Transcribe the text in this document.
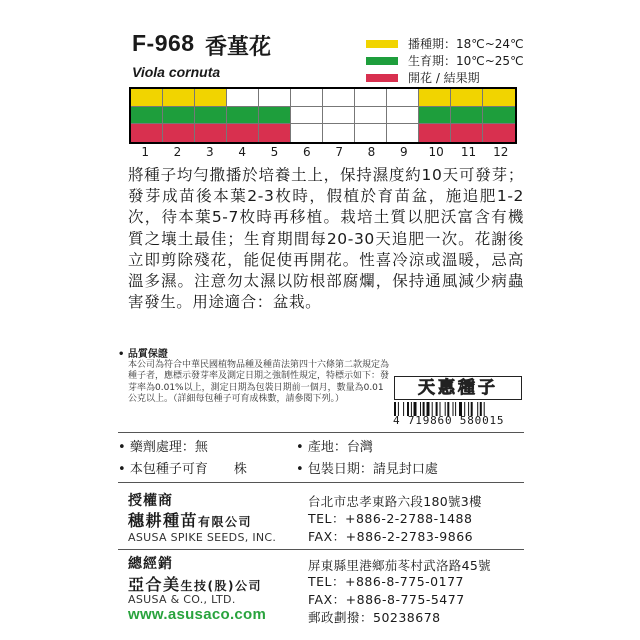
F-968 香堇花
Viola cornuta
播種期：18℃~24℃
生育期：10℃~25℃
開花 / 結果期
1	2	3	4	5	6	7	8	9	10	11	12
將種子均勻撒播於培養土上，保持濕度約10天可發芽；發芽成苗後本葉2-3枚時，假植於育苗盆，施追肥1-2次，待本葉5-7枚時再移植。栽培土質以肥沃富含有機質之壤土最佳；生育期間每20-30天追肥一次。花謝後立即剪除殘花，能促使再開花。性喜冷涼或溫暖，忌高溫多濕。注意勿太濕以防根部腐爛，保持通風減少病蟲害發生。用途適合：盆栽。
• 品質保證
本公司為符合中華民國植物品種及種苗法第四十六條第二款規定為種子者，應標示發芽率及測定日期之強制性規定，特標示如下：發芽率為0.01%以上，測定日期為包裝日期前一個月，數量為0.01公克以上。（詳細每包種子可育成株數，請參閱下列。）
天惠種子
4 719860 580015
• 藥劑處理：無	• 產地：台灣
• 本包種子可育　　株	• 包裝日期：請見封口處
授權商
穗耕種苗有限公司
ASUSA SPIKE SEEDS, INC.
台北市忠孝東路六段180號3樓
TEL：+886-2-2788-1488
FAX：+886-2-2783-9866
總經銷
亞合美生技(股)公司
ASUSA & CO., LTD.
www.asusaco.com
屏東縣里港鄉茄苳村武洛路45號
TEL：+886-8-775-0177
FAX：+886-8-775-5477
郵政劃撥：50238678
